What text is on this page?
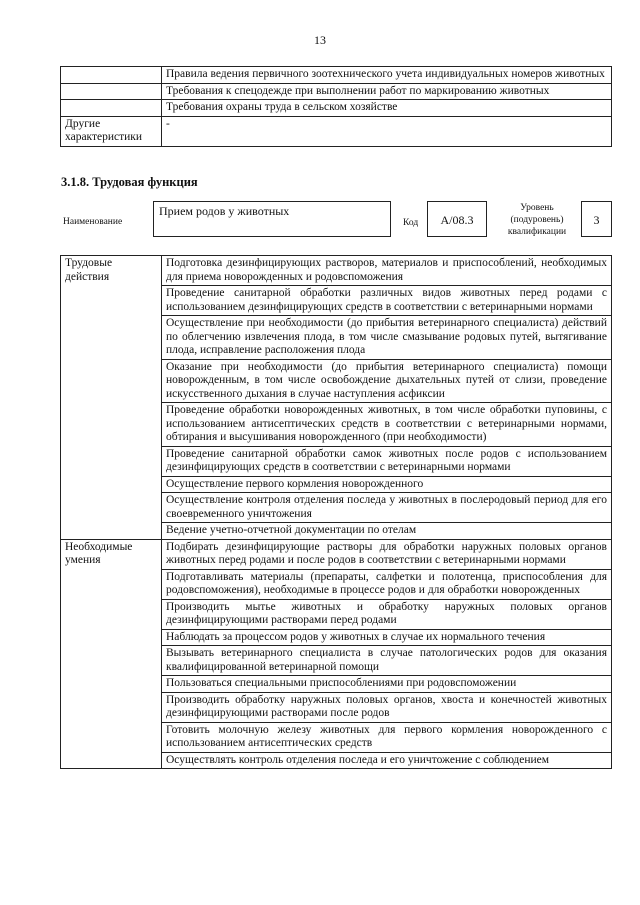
13
	Правила ведения первичного зоотехнического учета индивидуальных номеров животных
	Требования к спецодежде при выполнении работ по маркированию животных
	Требования охраны труда в сельском хозяйстве
Другие характеристики	-
3.1.8. Трудовая функция
Наименование
Прием родов у животных
Код	A/08.3
Уровень (подуровень) квалификации
3
Трудовые действия	Подготовка дезинфицирующих растворов, материалов и приспособлений, необходимых для приема новорожденных и родовспоможения
	Проведение санитарной обработки различных видов животных перед родами с использованием дезинфицирующих средств в соответствии с ветеринарными нормами
	Осуществление при необходимости (до прибытия ветеринарного специалиста) действий по облегчению извлечения плода, в том числе смазывание родовых путей, вытягивание плода, исправление расположения плода
	Оказание при необходимости (до прибытия ветеринарного специалиста) помощи новорожденным, в том числе освобождение дыхательных путей от слизи, проведение искусственного дыхания в случае наступления асфиксии
	Проведение обработки новорожденных животных, в том числе обработки пуповины, с использованием антисептических средств в соответствии с ветеринарными нормами, обтирания и высушивания новорожденного (при необходимости)
	Проведение санитарной обработки самок животных после родов с использованием дезинфицирующих средств в соответствии с ветеринарными нормами
	Осуществление первого кормления новорожденного
	Осуществление контроля отделения последа у животных в послеродовый период для его своевременного уничтожения
	Ведение учетно-отчетной документации по отелам
Необходимые умения	Подбирать дезинфицирующие растворы для обработки наружных половых органов животных перед родами и после родов в соответствии с ветеринарными нормами
	Подготавливать материалы (препараты, салфетки и полотенца, приспособления для родовспоможения), необходимые в процессе родов и для обработки новорожденных
	Производить мытье животных и обработку наружных половых органов дезинфицирующими растворами перед родами
	Наблюдать за процессом родов у животных в случае их нормального течения
	Вызывать ветеринарного специалиста в случае патологических родов для оказания квалифицированной ветеринарной помощи
	Пользоваться специальными приспособлениями при родовспоможении
	Производить обработку наружных половых органов, хвоста и конечностей животных дезинфицирующими растворами после родов
	Готовить молочную железу животных для первого кормления новорожденного с использованием антисептических средств
	Осуществлять контроль отделения последа и его уничтожение с соблюдением
